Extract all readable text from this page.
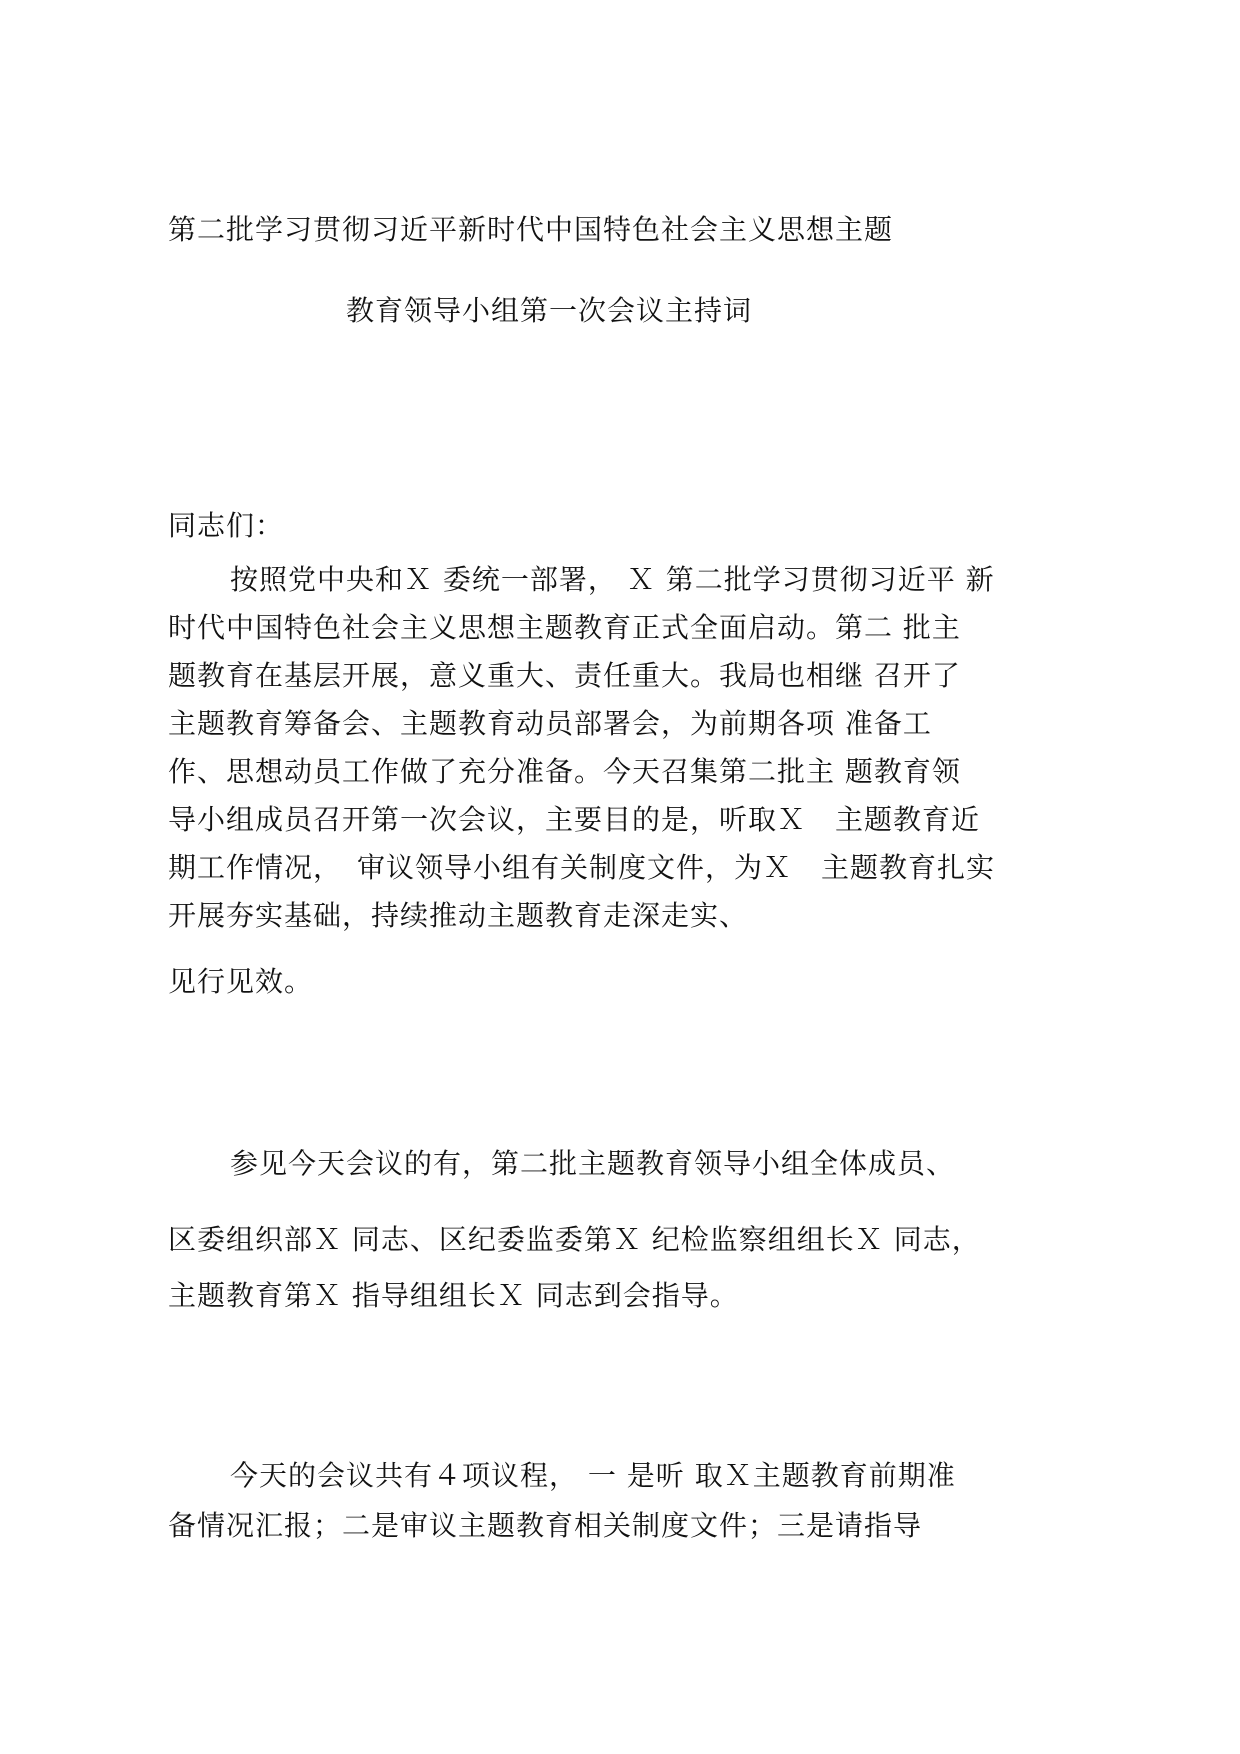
第二批学习贯彻习近平新时代中国特色社会主义思想主题
教育领导小组第一次会议主持词
同志们：
按照党中央和Ｘ 委统一部署， Ｘ 第二批学习贯彻习近平 新
时代中国特色社会主义思想主题教育正式全面启动。第二 批主
题教育在基层开展，意义重大、责任重大。我局也相继 召开了
主题教育筹备会、主题教育动员部署会，为前期各项 准备工
作、思想动员工作做了充分准备。今天召集第二批主 题教育领
导小组成员召开第一次会议，主要目的是，听取Ｘ　主题教育近
期工作情况，　审议领导小组有关制度文件，为Ｘ　主题教育扎实
开展夯实基础，持续推动主题教育走深走实、
见行见效。
参见今天会议的有，第二批主题教育领导小组全体成员、
区委组织部Ｘ 同志、区纪委监委第Ｘ 纪检监察组组长Ｘ 同志，
主题教育第Ｘ 指导组组长Ｘ 同志到会指导。
今天的会议共有４项议程， 一 是听 取Ｘ主题教育前期准
备情况汇报；二是审议主题教育相关制度文件；三是请指导
